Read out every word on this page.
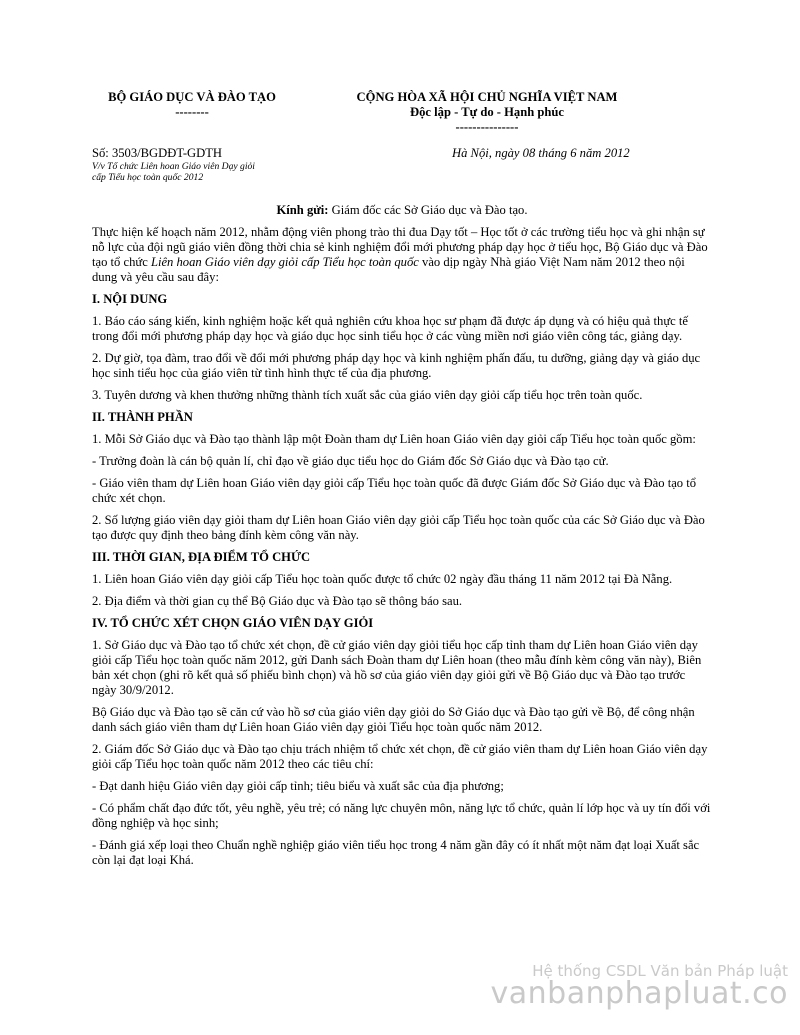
BỘ GIÁO DỤC VÀ ĐÀO TẠO
--------
CỘNG HÒA XÃ HỘI CHỦ NGHĨA VIỆT NAM
Độc lập - Tự do - Hạnh phúc
---------------
Số: 3503/BGDĐT-GDTH
V/v Tổ chức Liên hoan Giáo viên Dạy giỏi
cấp Tiểu học toàn quốc 2012
Hà Nội, ngày 08 tháng 6 năm 2012

Kính gửi: Giám đốc các Sở Giáo dục và Đào tạo.

Thực hiện kế hoạch năm 2012, nhằm động viên phong trào thi đua Dạy tốt – Học tốt ở các trường tiểu học và ghi nhận sự nỗ lực của đội ngũ giáo viên đồng thời chia sẻ kinh nghiệm đổi mới phương pháp dạy học ở tiểu học, Bộ Giáo dục và Đào tạo tổ chức Liên hoan Giáo viên dạy giỏi cấp Tiểu học toàn quốc vào dịp ngày Nhà giáo Việt Nam năm 2012 theo nội dung và yêu cầu sau đây:

I. NỘI DUNG

1. Báo cáo sáng kiến, kinh nghiệm hoặc kết quả nghiên cứu khoa học sư phạm đã được áp dụng và có hiệu quả thực tế trong đổi mới phương pháp dạy học và giáo dục học sinh tiểu học ở các vùng miền nơi giáo viên công tác, giảng dạy.

2. Dự giờ, tọa đàm, trao đổi về đổi mới phương pháp dạy học và kinh nghiệm phấn đấu, tu dưỡng, giảng dạy và giáo dục học sinh tiểu học của giáo viên từ tình hình thực tế của địa phương.

3. Tuyên dương và khen thưởng những thành tích xuất sắc của giáo viên dạy giỏi cấp tiểu học trên toàn quốc.

II. THÀNH PHẦN

1. Mỗi Sở Giáo dục và Đào tạo thành lập một Đoàn tham dự Liên hoan Giáo viên dạy giỏi cấp Tiểu học toàn quốc gồm:

- Trưởng đoàn là cán bộ quản lí, chỉ đạo về giáo dục tiểu học do Giám đốc Sở Giáo dục và Đào tạo cử.

- Giáo viên tham dự Liên hoan Giáo viên dạy giỏi cấp Tiểu học toàn quốc đã được Giám đốc Sở Giáo dục và Đào tạo tổ chức xét chọn.

2. Số lượng giáo viên dạy giỏi tham dự Liên hoan Giáo viên dạy giỏi cấp Tiểu học toàn quốc của các Sở Giáo dục và Đào tạo được quy định theo bảng đính kèm công văn này.

III. THỜI GIAN, ĐỊA ĐIỂM TỔ CHỨC

1. Liên hoan Giáo viên dạy giỏi cấp Tiểu học toàn quốc được tổ chức 02 ngày đầu tháng 11 năm 2012 tại Đà Nẵng.

2. Địa điểm và thời gian cụ thể Bộ Giáo dục và Đào tạo sẽ thông báo sau.

IV. TỔ CHỨC XÉT CHỌN GIÁO VIÊN DẠY GIỎI

1. Sở Giáo dục và Đào tạo tổ chức xét chọn, đề cử giáo viên dạy giỏi tiểu học cấp tỉnh tham dự Liên hoan Giáo viên dạy giỏi cấp Tiểu học toàn quốc năm 2012, gửi Danh sách Đoàn tham dự Liên hoan (theo mẫu đính kèm công văn này), Biên bản xét chọn (ghi rõ kết quả số phiếu bình chọn) và hồ sơ của giáo viên dạy giỏi gửi về Bộ Giáo dục và Đào tạo trước ngày 30/9/2012.

Bộ Giáo dục và Đào tạo sẽ căn cứ vào hồ sơ của giáo viên dạy giỏi do Sở Giáo dục và Đào tạo gửi về Bộ, để công nhận danh sách giáo viên tham dự Liên hoan Giáo viên dạy giỏi Tiểu học toàn quốc năm 2012.

2. Giám đốc Sở Giáo dục và Đào tạo chịu trách nhiệm tổ chức xét chọn, đề cử giáo viên tham dự Liên hoan Giáo viên dạy giỏi cấp Tiểu học toàn quốc năm 2012 theo các tiêu chí:

- Đạt danh hiệu Giáo viên dạy giỏi cấp tỉnh; tiêu biểu và xuất sắc của địa phương;

- Có phẩm chất đạo đức tốt, yêu nghề, yêu trẻ; có năng lực chuyên môn, năng lực tổ chức, quản lí lớp học và uy tín đối với đồng nghiệp và học sinh;

- Đánh giá xếp loại theo Chuẩn nghề nghiệp giáo viên tiểu học trong 4 năm gần đây có ít nhất một năm đạt loại Xuất sắc còn lại đạt loại Khá.

Hệ thống CSDL Văn bản Pháp luật
vanbanphapluat.co
